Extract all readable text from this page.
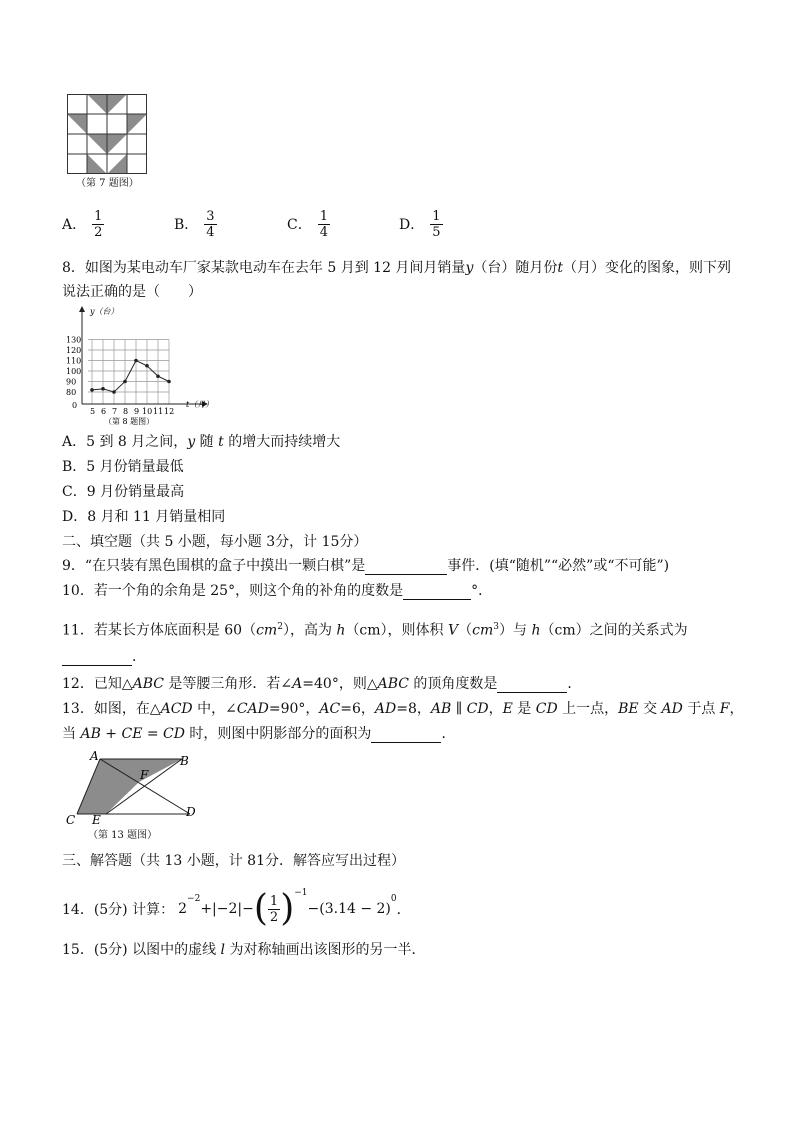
（第 7 题图）
A． $\frac{1}{2}$	B． $\frac{3}{4}$	C． $\frac{1}{4}$	D． $\frac{1}{5}$
8．如图为某电动车厂家某款电动车在去年 5 月到 12 月间月销量y（台）随月份t（月）变化的图象，则下列
说法正确的是（　　）
80
90
100
110
120
130
5 6 7 8 9 10 11 12
0
y（台）
t（月）
（第 8 题图）
A．5 到 8 月之间，y 随 t 的增大而持续增大
B．5 月份销量最低
C．9 月份销量最高
D．8 月和 11 月销量相同
二、填空题（共 5 小题，每小题 3分，计 15分）
9．“在只装有黑色围棋的盒子中摸出一颗白棋”是	事件．(填“随机”“必然”或“不可能”)
10．若一个角的余角是 25°，则这个角的补角的度数是	°．
11．若某长方体底面积是 $60(cm^2)$，高为 h（cm），则体积 $V(cm^3)$与 h（cm）之间的关系式为
．
12．已知△ABC 是等腰三角形．若∠A=40°，则△ABC 的顶角度数是	．
13．如图，在△ACD 中，∠CAD=90°，AC=6，AD=8，AB ∥ CD，E 是 CD 上一点，BE 交 AD 于点 F，
当 AB + CE = CD 时，则图中阴影部分的面积为	．
A	B
F
C E
D
（第 13 题图）
三、解答题（共 13 小题，计 81分．解答应写出过程）
14．(5分) 计算： 2
$^{-2}$
+ |−2| − ( $\frac{1}{2} )^{-1}$
− (3.14 − 2)
$^0$
．
15．(5分) 以图中的虚线 l 为对称轴画出该图形的另一半．
